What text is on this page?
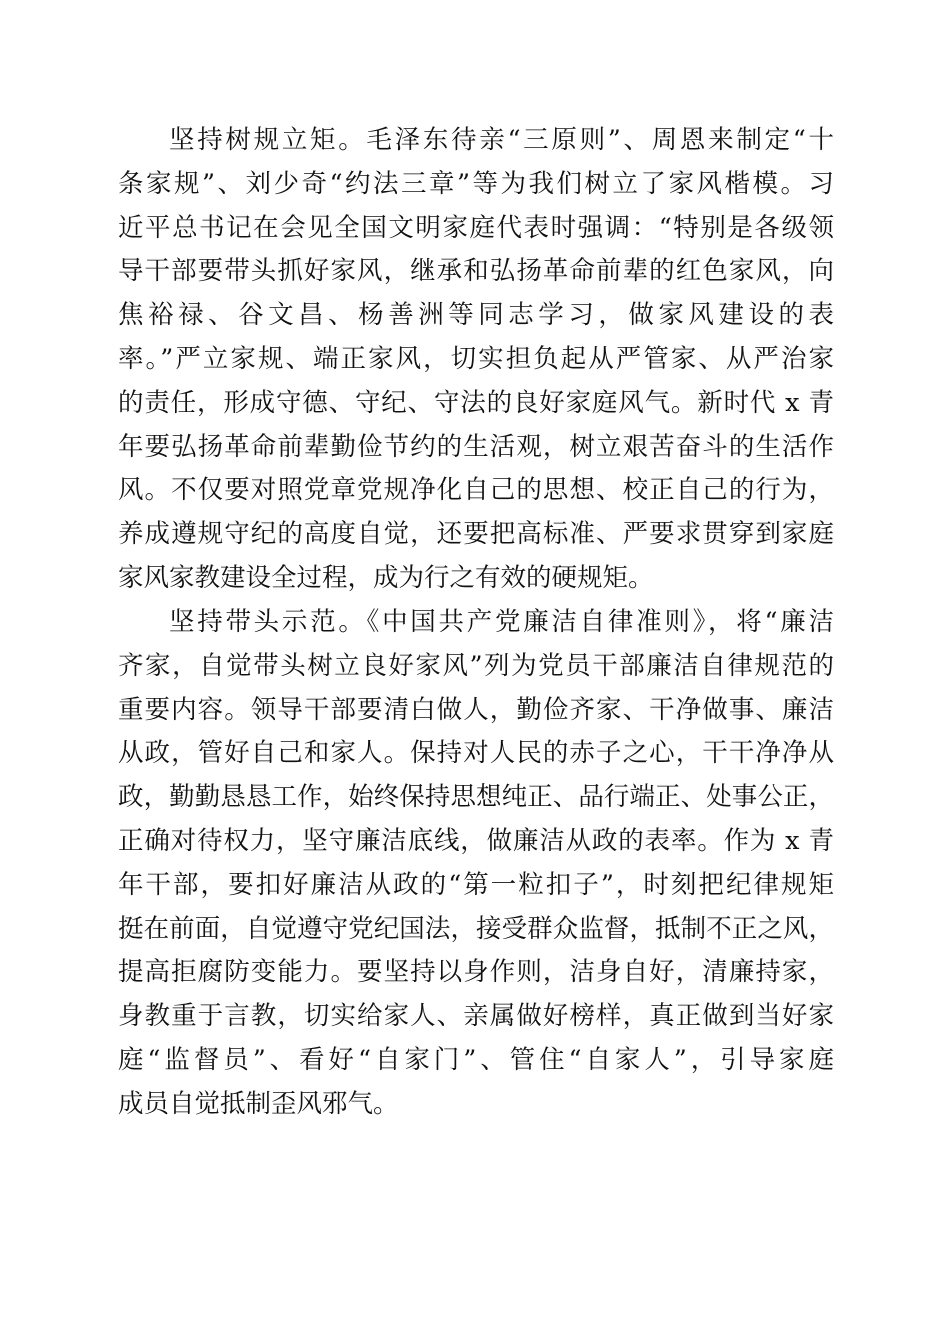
坚持树规立矩。毛泽东待亲“三原则”、周恩来制定“十
条家规”、刘少奇“约法三章”等为我们树立了家风楷模。习
近平总书记在会见全国文明家庭代表时强调：“特别是各级领
导干部要带头抓好家风，继承和弘扬革命前辈的红色家风，向
焦裕禄、谷文昌、杨善洲等同志学习，做家风建设的表
率。”严立家规、端正家风，切实担负起从严管家、从严治家
的责任，形成守德、守纪、守法的良好家庭风气。新时代 x 青
年要弘扬革命前辈勤俭节约的生活观，树立艰苦奋斗的生活作
风。不仅要对照党章党规净化自己的思想、校正自己的行为，
养成遵规守纪的高度自觉，还要把高标准、严要求贯穿到家庭
家风家教建设全过程，成为行之有效的硬规矩。
坚持带头示范。《中国共产党廉洁自律准则》，将“廉洁
齐家，自觉带头树立良好家风”列为党员干部廉洁自律规范的
重要内容。领导干部要清白做人，勤俭齐家、干净做事、廉洁
从政，管好自己和家人。保持对人民的赤子之心，干干净净从
政，勤勤恳恳工作，始终保持思想纯正、品行端正、处事公正，
正确对待权力，坚守廉洁底线，做廉洁从政的表率。作为 x 青
年干部，要扣好廉洁从政的“第一粒扣子”，时刻把纪律规矩
挺在前面，自觉遵守党纪国法，接受群众监督，抵制不正之风，
提高拒腐防变能力。要坚持以身作则，洁身自好，清廉持家，
身教重于言教，切实给家人、亲属做好榜样，真正做到当好家
庭“监督员”、看好“自家门”、管住“自家人”，引导家庭
成员自觉抵制歪风邪气。
